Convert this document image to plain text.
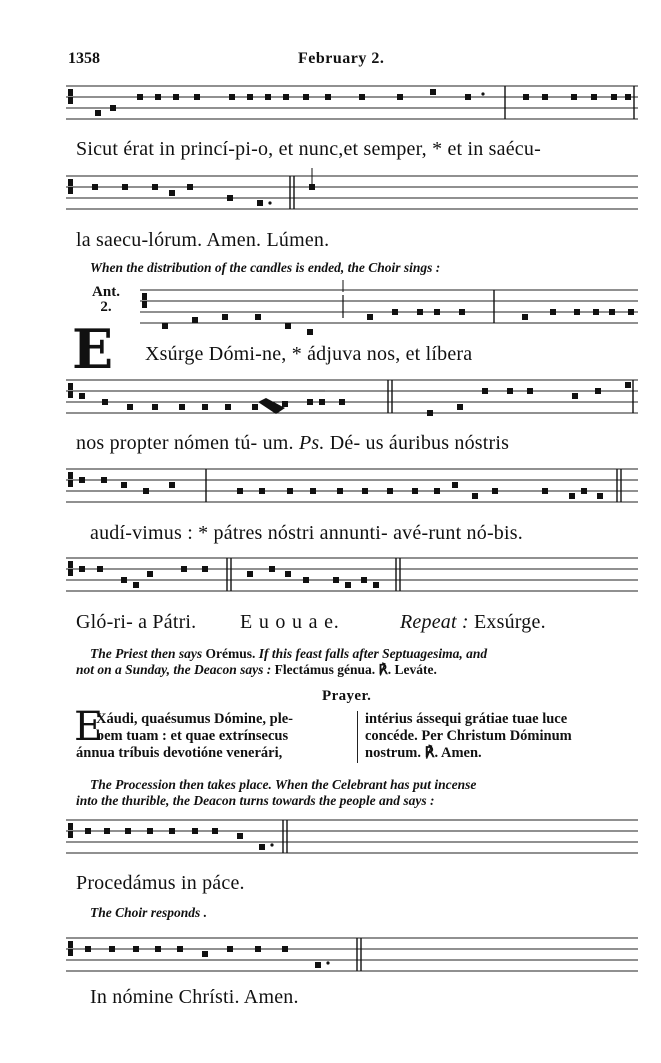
1358	February 2.
Sicut érat in princí-pi-o, et nunc,et semper, * et in saécu-
la saecu-lórum. Amen. Lúmen.
When the distribution of the candles is ended, the Choir sings :
Ant.
2.
E Xsúrge Dómi-ne, * ádjuva nos, et líbera
nos propter nómen tú- um. Ps. Dé- us áuribus nóstris
audí-vimus : * pátres nóstri annunti- avé-runt nó-bis.
Gló-ri- a Pátri. E u o u a e.	Repeat : Exsúrge.
The Priest then says Orémus. If this feast falls after Septuagesima, and
not on a Sunday, the Deacon says : Flectámus génua. ℟. Leváte.
Prayer.
E
Xáudi, quaésumus Dómine, ple-
bem tuam : et quae extrínsecus
ánnua tríbuis devotióne venerári,
intérius ássequi grátiae tuae luce
concéde. Per Christum Dóminum
nostrum. ℟. Amen.
The Procession then takes place. When the Celebrant has put incense
into the thurible, the Deacon turns towards the people and says :
Procedámus in páce.
The Choir responds .
In nómine Chrísti. Amen.
